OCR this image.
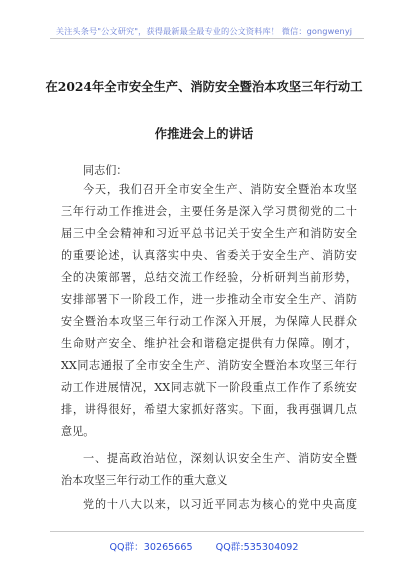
关注头条号"公文研究"，获得最新最全最专业的公文资料库！ 微信：gongwenyj
在2024年全市安全生产、消防安全暨治本攻坚三年行动工
作推进会上的讲话
同志们：
今天，我们召开全市安全生产、消防安全暨治本攻坚
三年行动工作推进会，主要任务是深入学习贯彻党的二十
届三中全会精神和习近平总书记关于安全生产和消防安全
的重要论述，认真落实中央、省委关于安全生产、消防安
全的决策部署，总结交流工作经验，分析研判当前形势，
安排部署下一阶段工作，进一步推动全市安全生产、消防
安全暨治本攻坚三年行动工作深入开展，为保障人民群众
生命财产安全、维护社会和谐稳定提供有力保障。刚才，
XX同志通报了全市安全生产、消防安全暨治本攻坚三年行
动工作进展情况，XX同志就下一阶段重点工作作了系统安
排，讲得很好，希望大家抓好落实。下面，我再强调几点
意见。
一、提高政治站位，深刻认识安全生产、消防安全暨
治本攻坚三年行动工作的重大意义
党的十八大以来，以习近平同志为核心的党中央高度
QQ群：30265665 QQ群:535304092
